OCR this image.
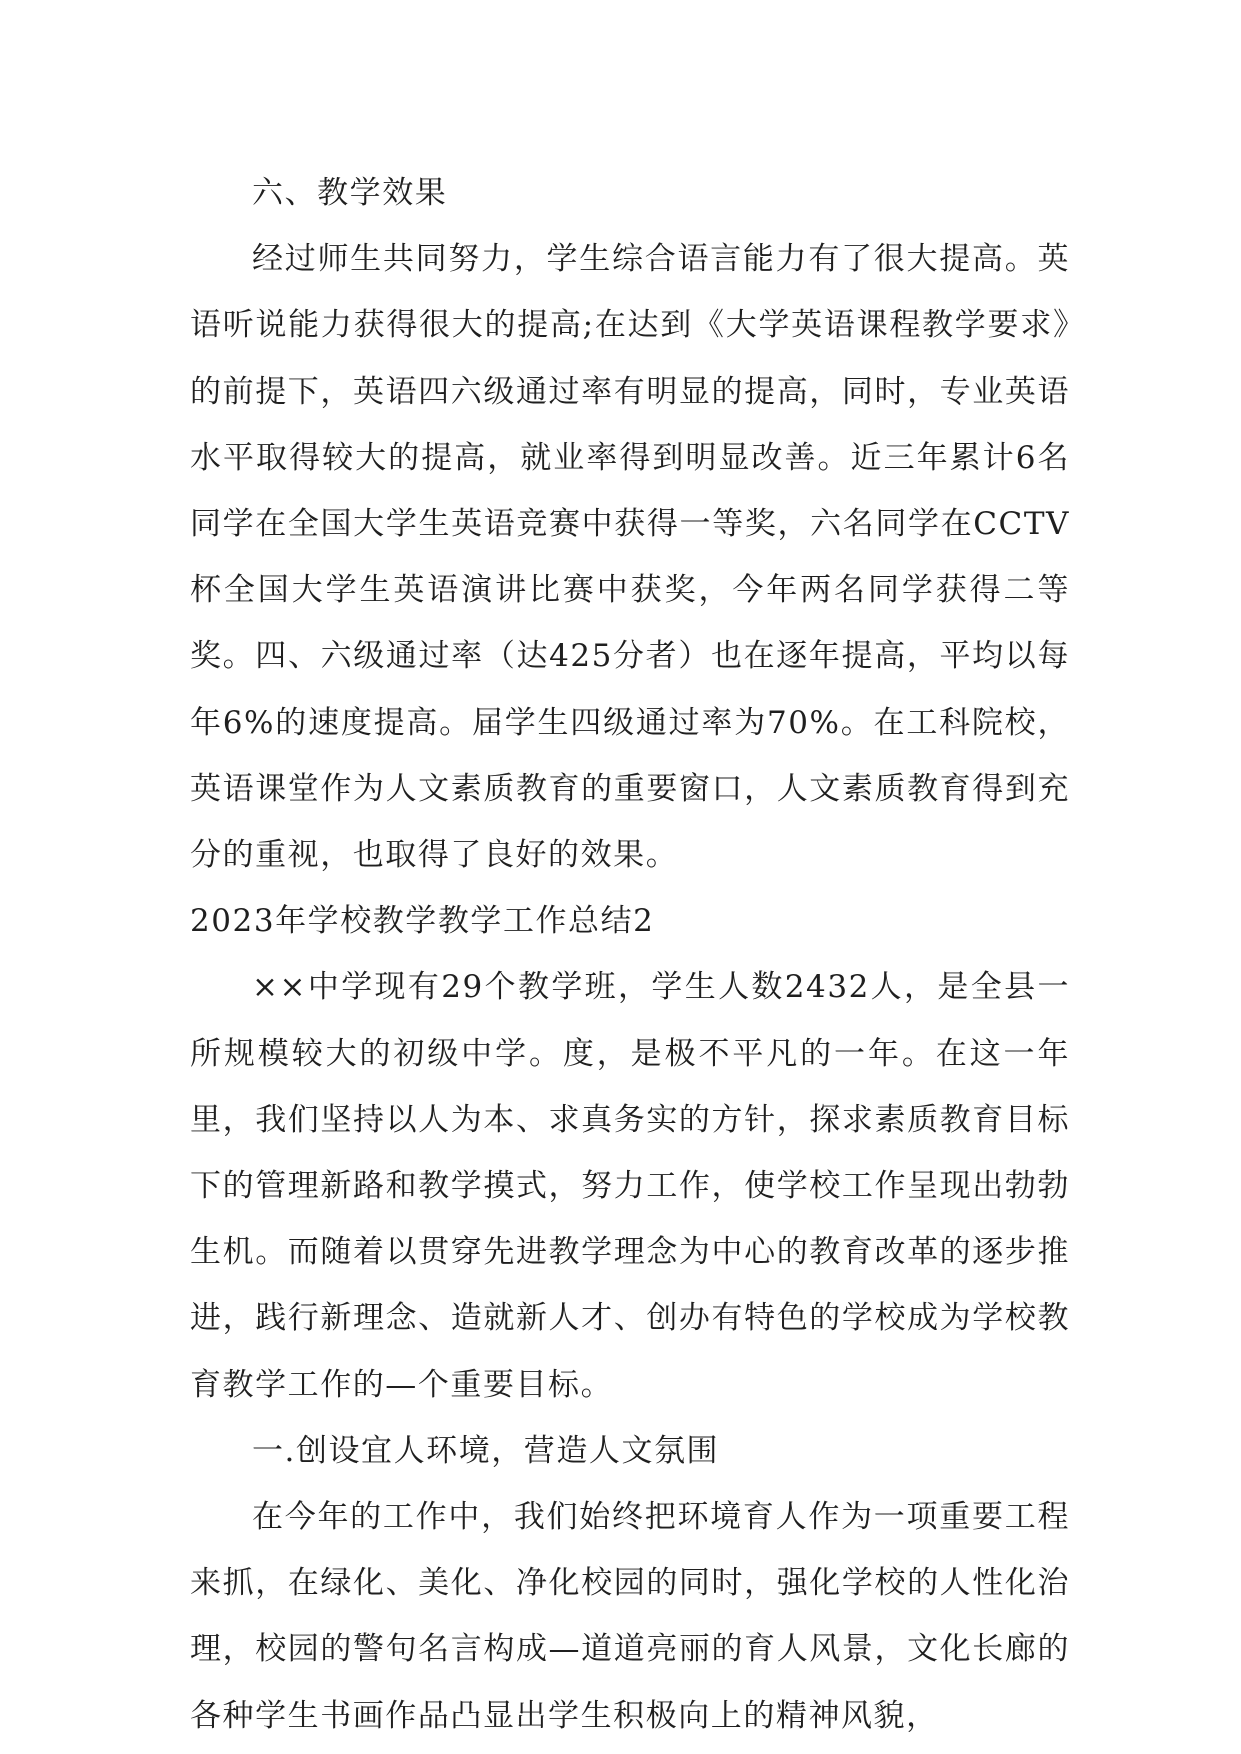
六、教学效果

经过师生共同努力，学生综合语言能力有了很大提高。英语听说能力获得很大的提高;在达到《大学英语课程教学要求》的前提下，英语四六级通过率有明显的提高，同时，专业英语水平取得较大的提高，就业率得到明显改善。近三年累计6名同学在全国大学生英语竞赛中获得一等奖，六名同学在CCTV杯全国大学生英语演讲比赛中获奖，今年两名同学获得二等奖。四、六级通过率（达425分者）也在逐年提高，平均以每年6%的速度提高。届学生四级通过率为70%。在工科院校，英语课堂作为人文素质教育的重要窗口，人文素质教育得到充分的重视，也取得了良好的效果。

2023年学校教学教学工作总结2

××中学现有29个教学班，学生人数2432人，是全县一所规模较大的初级中学。度，是极不平凡的一年。在这一年里，我们坚持以人为本、求真务实的方针，探求素质教育目标下的管理新路和教学摸式，努力工作，使学校工作呈现出勃勃生机。而随着以贯穿先进教学理念为中心的教育改革的逐步推进，践行新理念、造就新人才、创办有特色的学校成为学校教育教学工作的—个重要目标。

一.创设宜人环境，营造人文氛围

在今年的工作中，我们始终把环境育人作为一项重要工程来抓，在绿化、美化、净化校园的同时，强化学校的人性化治理，校园的警句名言构成—道道亮丽的育人风景，文化长廊的各种学生书画作品凸显出学生积极向上的精神风貌，
